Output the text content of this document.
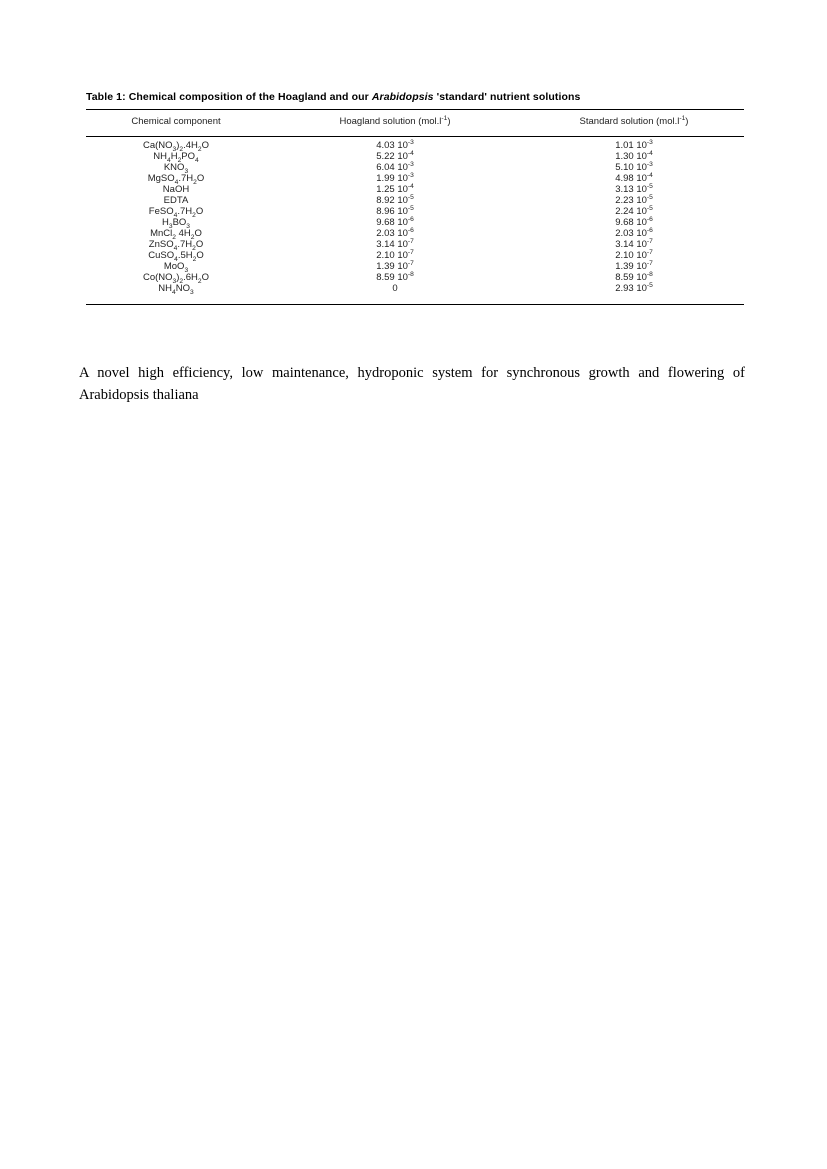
Table 1: Chemical composition of the Hoagland and our Arabidopsis 'standard' nutrient solutions
Chemical component	Hoagland solution $(mol.l^{-1})$	Standard solution $(mol.l^{-1})$
$Ca(NO_3)_2.4H_2O$	4.03 $10^{-3}$	1.01 $10^{-3}$
$NH_4H_2PO_4$	5.22 $10^{-4}$	1.30 $10^{-4}$
$KNO_3$	6.04 $10^{-3}$	5.10 $10^{-3}$
$MgSO_4.7H_2O$	1.99 $10^{-3}$	4.98 $10^{-4}$
NaOH	1.25 $10^{-4}$	3.13 $10^{-5}$
EDTA	8.92 $10^{-5}$	2.23 $10^{-5}$
$FeSO_4.7H_2O$	8.96 $10^{-5}$	2.24 $10^{-5}$
$H_3BO_3$	9.68 $10^{-6}$	9.68 $10^{-6}$
MnCl$_2$ $4H_2O$	2.03 $10^{-6}$	2.03 $10^{-6}$
$ZnSO_4.7H_2O$	3.14 $10^{-7}$	3.14 $10^{-7}$
$CuSO_4.5H_2O$	2.10 $10^{-7}$	2.10 $10^{-7}$
MoO$_3$	1.39 $10^{-7}$	1.39 $10^{-7}$
$Co(NO_3)_2.6H_2O$	8.59 $10^{-8}$	8.59 $10^{-8}$
$NH_4NO_3$	0	2.93 $10^{-5}$
A novel high efficiency, low maintenance, hydroponic system for synchronous growth and flowering of Arabidopsis thaliana
